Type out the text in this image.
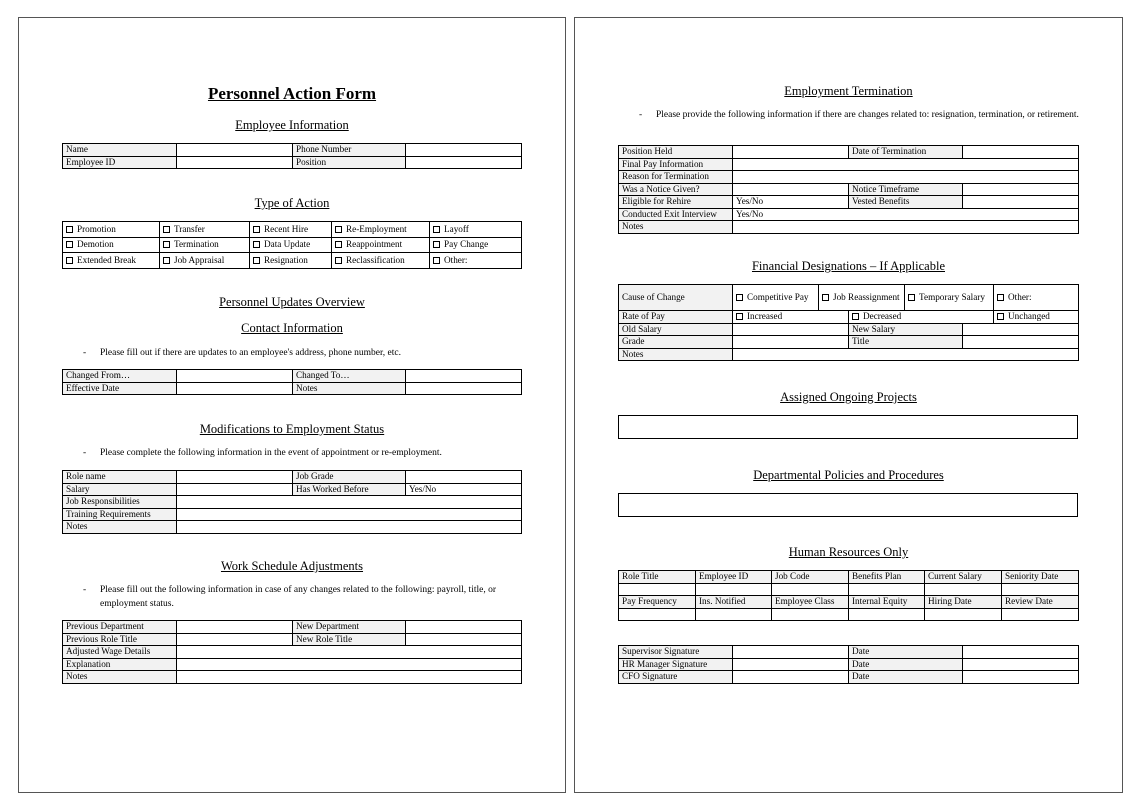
Personnel Action Form
Employee Information
Name		Phone Number	
Employee ID		Position	
Type of Action
Promotion	Transfer	Recent Hire	Re-Employment	Layoff
Demotion	Termination	Data Update	Reappointment	Pay Change
Extended Break	Job Appraisal	Resignation	Reclassification	Other:
Personnel Updates Overview
Contact Information
-	Please fill out if there are updates to an employee's address, phone number, etc.
Changed From…		Changed To…	
Effective Date		Notes	
Modifications to Employment Status
-	Please complete the following information in the event of appointment or re-employment.
Role name		Job Grade	
Salary		Has Worked Before	Yes/No
Job Responsibilities			
Training Requirements			
Notes			
Work Schedule Adjustments
-	Please fill out the following information in case of any changes related to the following: payroll, title, or employment status.
Previous Department		New Department	
Previous Role Title		New Role Title	
Adjusted Wage Details			
Explanation			
Notes			
Employment Termination
-	Please provide the following information if there are changes related to: resignation, termination, or retirement.
Position Held		Date of Termination	
Final Pay Information			
Reason for Termination			
Was a Notice Given?		Notice Timeframe	
Eligible for Rehire	Yes/No	Vested Benefits	
Conducted Exit Interview	Yes/No		
Notes			
Financial Designations – If Applicable
Cause of Change	Competitive Pay	Job Reassignment		Temporary Salary		Other:
Rate of Pay	Increased		Decreased			Unchanged
Old Salary			New Salary			
Grade			Title			
Notes						
Assigned Ongoing Projects
Departmental Policies and Procedures
Human Resources Only
Role Title	Employee ID	Job Code	Benefits Plan	Current Salary	Seniority Date

Pay Frequency	Ins. Notified	Employee Class	Internal Equity	Hiring Date	Review Date

Supervisor Signature		Date	
HR Manager Signature		Date	
CFO Signature		Date	
